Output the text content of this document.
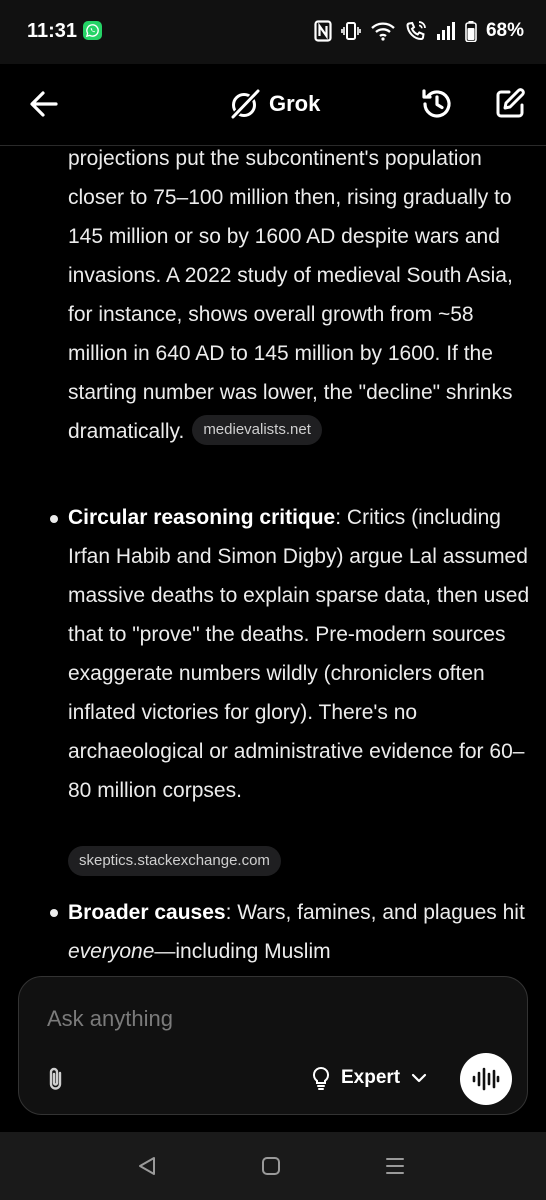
11:31	68%
Grok
projections put the subcontinent's population closer to 75–100 million then, rising gradually to 145 million or so by 1600 AD despite wars and invasions. A 2022 study of medieval South Asia, for instance, shows overall growth from ~58 million in 640 AD to 145 million by 1600. If the starting number was lower, the "decline" shrinks dramatically. medievalists.net
Circular reasoning critique: Critics (including Irfan Habib and Simon Digby) argue Lal assumed massive deaths to explain sparse data, then used that to "prove" the deaths. Pre-modern sources exaggerate numbers wildly (chroniclers often inflated victories for glory). There's no archaeological or administrative evidence for 60–80 million corpses.
skeptics.stackexchange.com
Broader causes: Wars, famines, and plagues hit everyone—including Muslim
Ask anything
Expert
